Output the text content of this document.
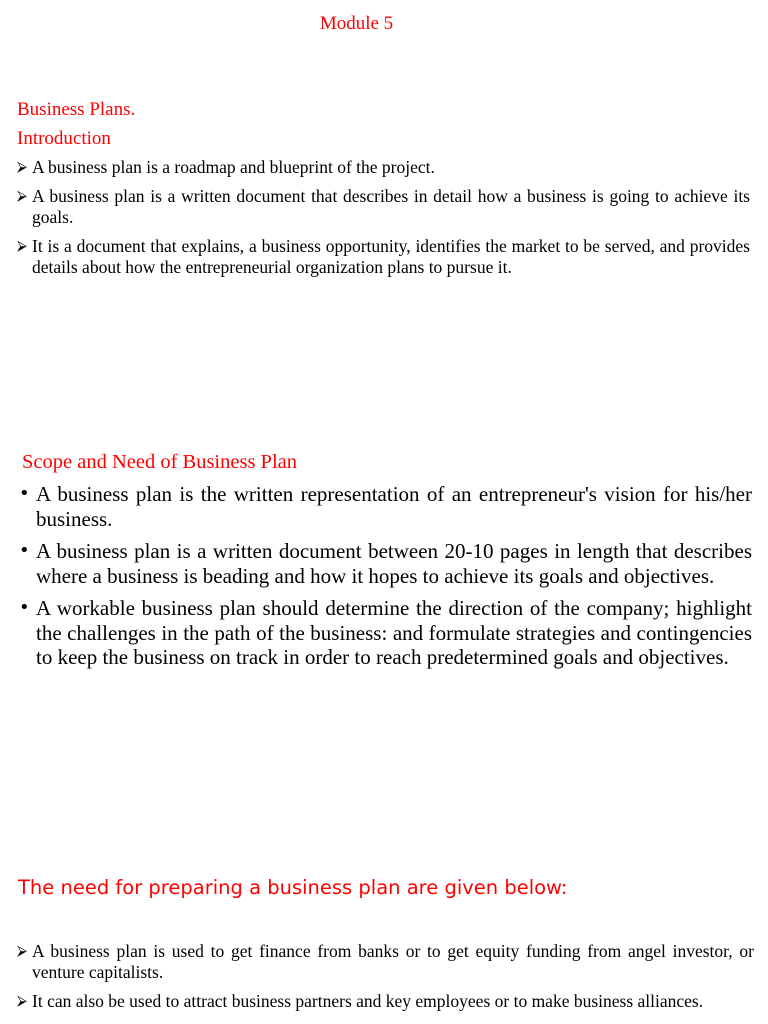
Module 5
Business Plans.
Introduction
⮚ A business plan is a roadmap and blueprint of the project.
⮚ A business plan is a written document that describes in detail how a business is going to achieve its goals.
⮚ It is a document that explains, a business opportunity, identifies the market to be served, and provides details about how the entrepreneurial organization plans to pursue it.
Scope and Need of Business Plan
• A business plan is the written representation of an entrepreneur's vision for his/her business.
• A business plan is a written document between 20-10 pages in length that describes where a business is beading and how it hopes to achieve its goals and objectives.
• A workable business plan should determine the direction of the company; highlight the challenges in the path of the business: and formulate strategies and contingencies to keep the business on track in order to reach predetermined goals and objectives.
The need for preparing a business plan are given below:
⮚ A business plan is used to get finance from banks or to get equity funding from angel investor, or venture capitalists.
⮚ It can also be used to attract business partners and key employees or to make business alliances.
